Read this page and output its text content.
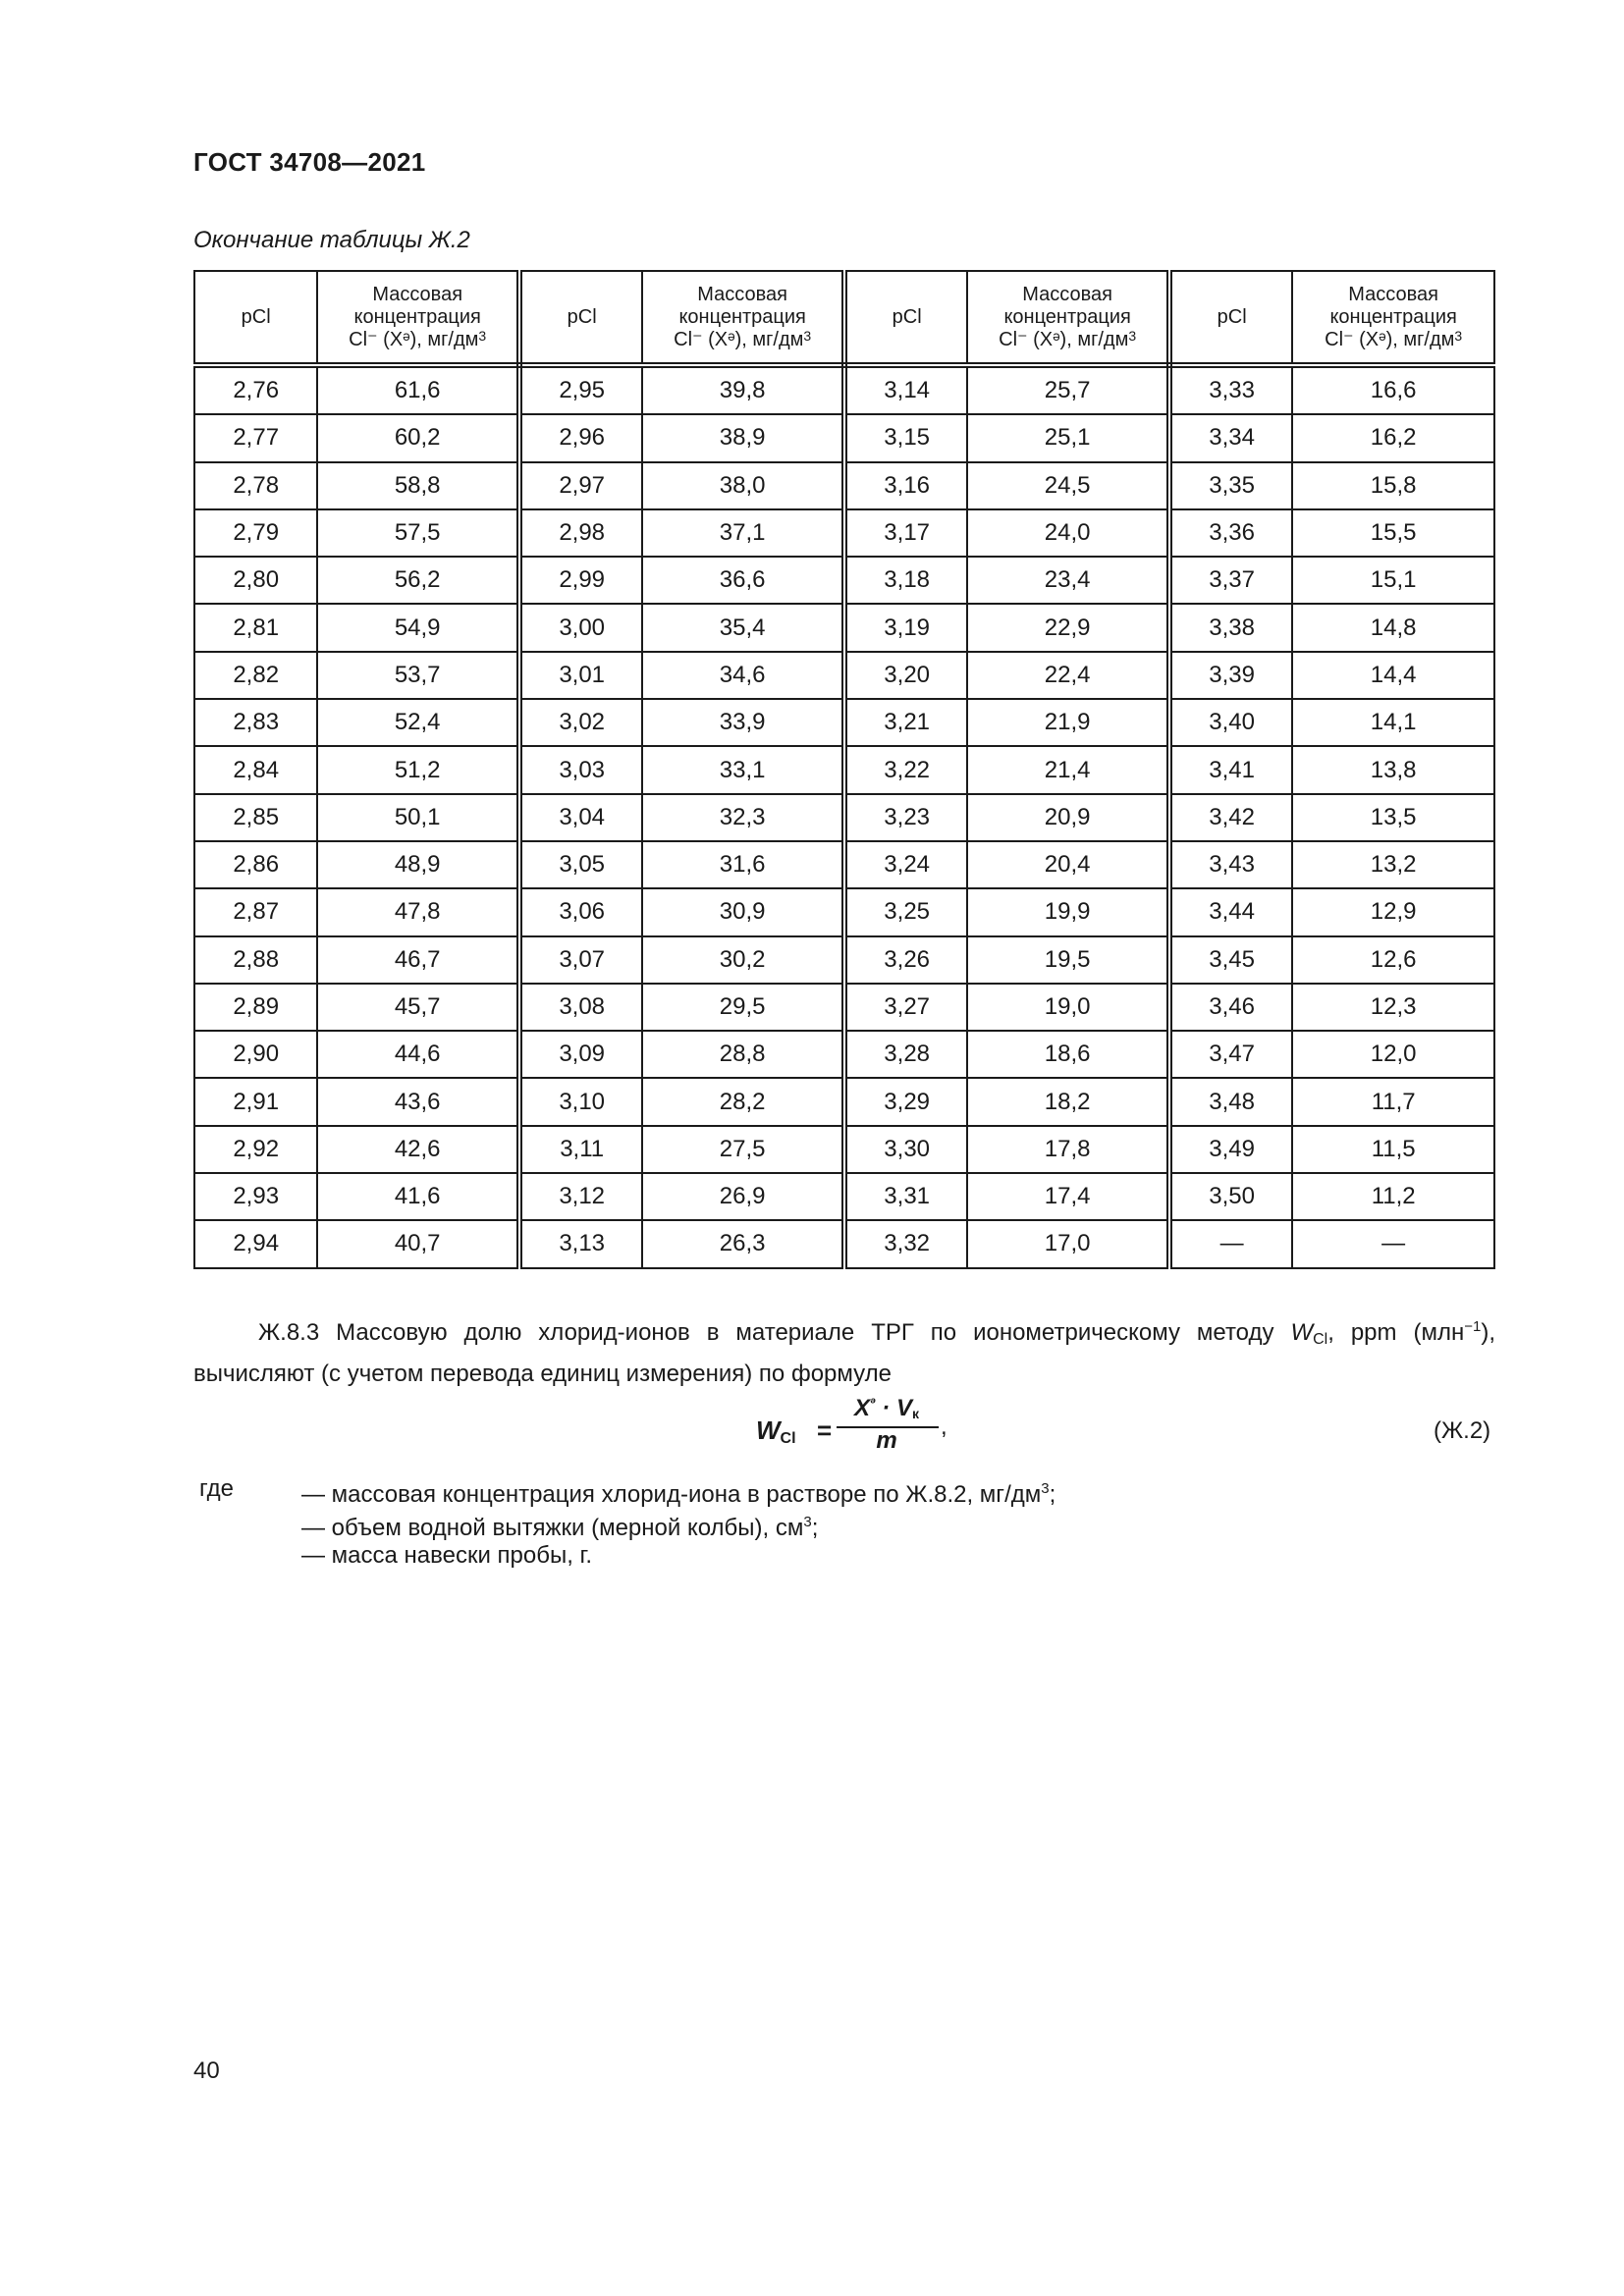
ГОСТ 34708—2021
Окончание таблицы Ж.2
pCl	Массовая
концентрация
Cl⁻ (Xᵊ), $мг/дм^3$	pCl	Массовая
концентрация
Cl⁻ (Xᵊ), $мг/дм^3$	pCl	Массовая
концентрация
Cl⁻ (Xᵊ), $мг/дм^3$	pCl	Массовая
концентрация
Cl⁻ (Xᵊ), $мг/дм^3$
2,76	61,6	2,95	39,8	3,14	25,7	3,33	16,6
2,77	60,2	2,96	38,9	3,15	25,1	3,34	16,2
2,78	58,8	2,97	38,0	3,16	24,5	3,35	15,8
2,79	57,5	2,98	37,1	3,17	24,0	3,36	15,5
2,80	56,2	2,99	36,6	3,18	23,4	3,37	15,1
2,81	54,9	3,00	35,4	3,19	22,9	3,38	14,8
2,82	53,7	3,01	34,6	3,20	22,4	3,39	14,4
2,83	52,4	3,02	33,9	3,21	21,9	3,40	14,1
2,84	51,2	3,03	33,1	3,22	21,4	3,41	13,8
2,85	50,1	3,04	32,3	3,23	20,9	3,42	13,5
2,86	48,9	3,05	31,6	3,24	20,4	3,43	13,2
2,87	47,8	3,06	30,9	3,25	19,9	3,44	12,9
2,88	46,7	3,07	30,2	3,26	19,5	3,45	12,6
2,89	45,7	3,08	29,5	3,27	19,0	3,46	12,3
2,90	44,6	3,09	28,8	3,28	18,6	3,47	12,0
2,91	43,6	3,10	28,2	3,29	18,2	3,48	11,7
2,92	42,6	3,11	27,5	3,30	17,8	3,49	11,5
2,93	41,6	3,12	26,9	3,31	17,4	3,50	11,2
2,94	40,7	3,13	26,3	3,32	17,0	—	—
Ж.8.3 Массовую долю хлорид-ионов в материале ТРГ по ионометрическому методу $W_{Cl}$, ppm (млн$^{-1}$), вычисляют (с учетом перевода единиц измерения) по формуле
$W_{Cl}$ =
$X^ᵊ \cdot V_к$
m
,	(Ж.2)
где	— массовая концентрация хлорид-иона в растворе по Ж.8.2, $мг/дм^3$;
— объем водной вытяжки (мерной колбы), $см^3$;
— масса навески пробы, г.
40
